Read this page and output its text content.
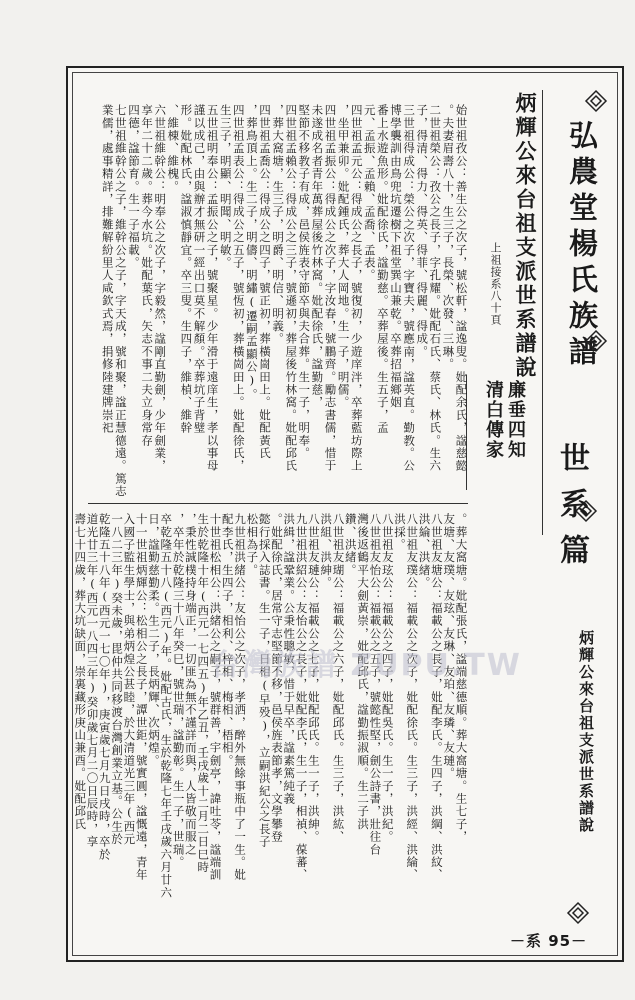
弘農堂楊氏族譜
廉垂四知
清白傳家
世系篇
炳輝公來台祖支派世系譜說
炳輝公來台祖支派世系譜說
上祖接系八十頁
始世祖孜公：善生公之次子，號松軒，諡逸叟。妣配余氏，諡慈懿
。夫妻眉壽八十，生三子，長榮、次發、三琳。
二世祖榮公：孜公之長子，字孔耀。妣配石氏、蔡氏、林氏。生六
子，得清、得力、得英、得菲、得麗、得成。
三世祖得成公：榮公之次子，字寶夫，號應南，諡英直。勤教。公
博學襲訓由鳥兜坑遷樹下祖堂巽山兼乾。卒葬招福鄉姻
番上水遊魚形。妣配徐氏，諡勤慈。卒葬屋後。生五子，孟
元、孟振、孟賴、孟喬、孟表。
四世祖孟元公：得成公之長子，號復初，少遊庠泮，卒葬藍坊際上
，坐甲兼卯。妣配鍾氏，葬大人岡地。生一子，明儒。
四世祖孟振公：得成公之次子，字汝春，號鵬齊。勵志書儒，惜于
未遂成名者青年萬葬屋後竹林窩。妣配徐氏，諡勤慈，
堅節不移教子有成，邑侯旌表守節卒與夫合葬。生一子，明奉。
四世祖孟賴公：得成公之三子，號遜初，葬屋後竹林窩。妣配邱氏
，葬大窩塘，生三子，明爵、明信、明義。
四世祖孟喬公：得成公之四子，號正初，葬橫崗田上。妣配黃氏
，葬鳥頂上。生二子，明儔、明繡(遷嗣孟顯公)。
四世祖孟表公：得成公之五子，號恆初，葬橫崗田上。妣配徐氏，
生三子，明顯、明聞、明敏。
五世祖明奉公：孟振公之子，號聚星。少年滑于遠庠生，孝以事母
謹以成己，由與辦才無研一經出口莫不解顏。卒葬坑子背璧
形。妣配林氏，諡淑慎靜宜。卒三叟。生四子，維楨、維幹
、維棟、維槐。
六世祖維幹公：明奉公之次子，字毅然，諡剛直勤劍，少年劍業，
享年二十二歲。葬今水坑。妣配葉氏，矢志不事二夫立身常存
四德，諡節育。生一子福載。
七世祖維幹公之子，維幹公之子，字天成，號和聚，諡正慧德遠。篤志
業儒，處事精詳，排難解紛里人咸欽式焉，捐修陸建牌崇祀
。葬大窩塘。妣配張氏，諡端慈德順。葬大窩塘。生七子，
友塘、友璞、友玹、友琳、友珀、友璘、友璉。
八世祖友塘公：福載公之長子，妣配李氏。生四子，洪綱、洪紋、
洪綸、洪緖。
八世祖友璞公：福載公之次子，妣配徐氏。生三子，洪經、洪綸、
洪採。
八世祖友玹公：福載公之四子，妣配吳氏。生一子，洪紀。
八世祖友怡公：福載公之五子，號懿性堅，劍公詩書，壯往台
灣後返鶴平大劍黃崇，妣配邱氏，諡勤振淑順。生二子洪
鑽、洪緒。
八世祖友瑚公：福載公之六子，妣配邱氏。生三子，洪紘、
洪組、洪紳。
八世祖友璉公：福載公之七子，妣配邱氏。生一子，洪紳。
九世祖洪紹公：友怡公之長子，妣配李氏，生一子，相禎、葆蕃、
洪緝，諡鞏業。公秉性聰敏，惜于早卒，諡素篤純義
。妣配徐氏，居常守志堅節不移，邑侯旌表節孝，文學攀登
懿行採入誌書。生一子，日相(早殁)，立嗣洪紀公之長子
松相為子。
九世祖洪緒公：友怡公之次子，孝洒，醉外無餘事瓶中了一生。妣
配李氏，生四子，相利、梓相、梅相、梧相。
十世祖松相公：洪緒公之嗣子，號群善，宇劍亭，諱吐苓，諡端訓
生於乾隆十年(西元一七四五)年乙丑，壬戌歲十二月二日巳時
，秉性誠樸持身端正，一切匪為無不謹詳而與，人皆敬而服之
，卒年於乾隆三十八年癸巳，號世瑞，諡勤彰。生一子，世瑞。
卒乾隆五十八(西元)年。妣配古氏，生於乾隆七年壬戌歲六月廿六
日，諡勤慈勤柔。生二子，長炳輝、次炳煌。
十一世祖炳輝公：松相公之長子，譚世鉅，號實圓，諡慨遠，青年
入國子監生學士，與弟炳煌公甚睦，於大清道光三年(西元
一八二三年)癸未歲，毘仲共同移渡台灣創業立基。公生於
乾隆五十八年(西元一七〇年)，庚寅歲七月九日戌時，卒於
道光廿三年(西元一八四三年)癸卯歲七月二〇日辰時，享
壽七十四歲，葬大坑缺面，崇裏藏形庚山兼酉。妣配邱氏	台灣族譜 ZUPU.TW
－系 95－
